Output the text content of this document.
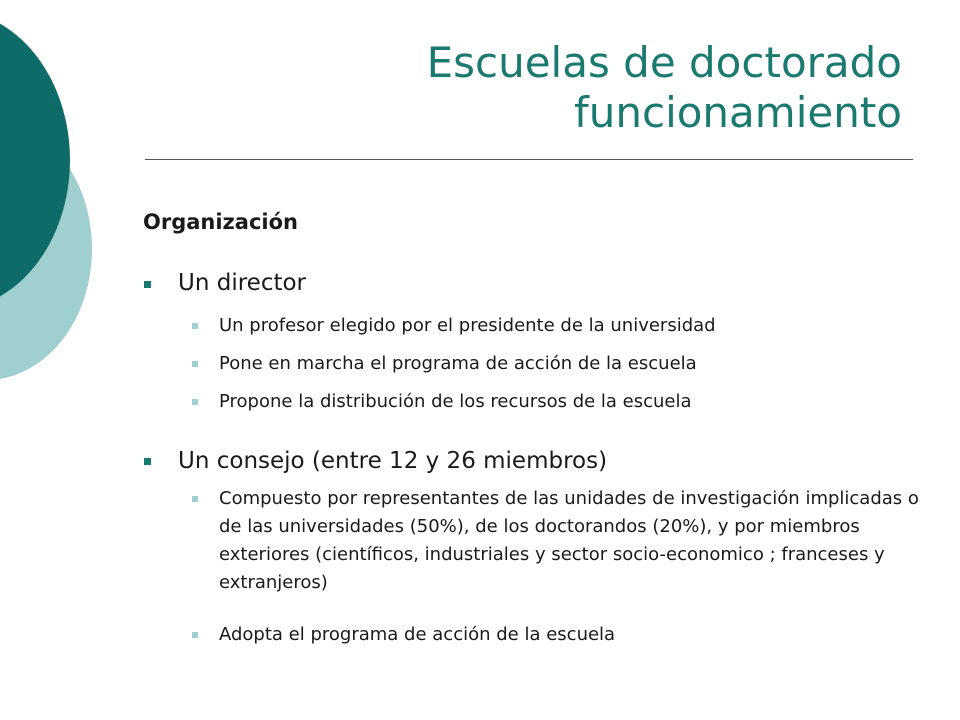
Escuelas de doctorado
funcionamiento
Organización
Un director
Un profesor elegido por el presidente de la universidad
Pone en marcha el programa de acción de la escuela
Propone la distribución de los recursos de la escuela
Un consejo (entre 12 y 26 miembros)
Compuesto por representantes de las unidades de investigación implicadas o de las universidades (50%), de los doctorandos (20%), y por miembros exteriores (científicos, industriales y sector socio-economico ; franceses y extranjeros)
Adopta el programa de acción de la escuela
